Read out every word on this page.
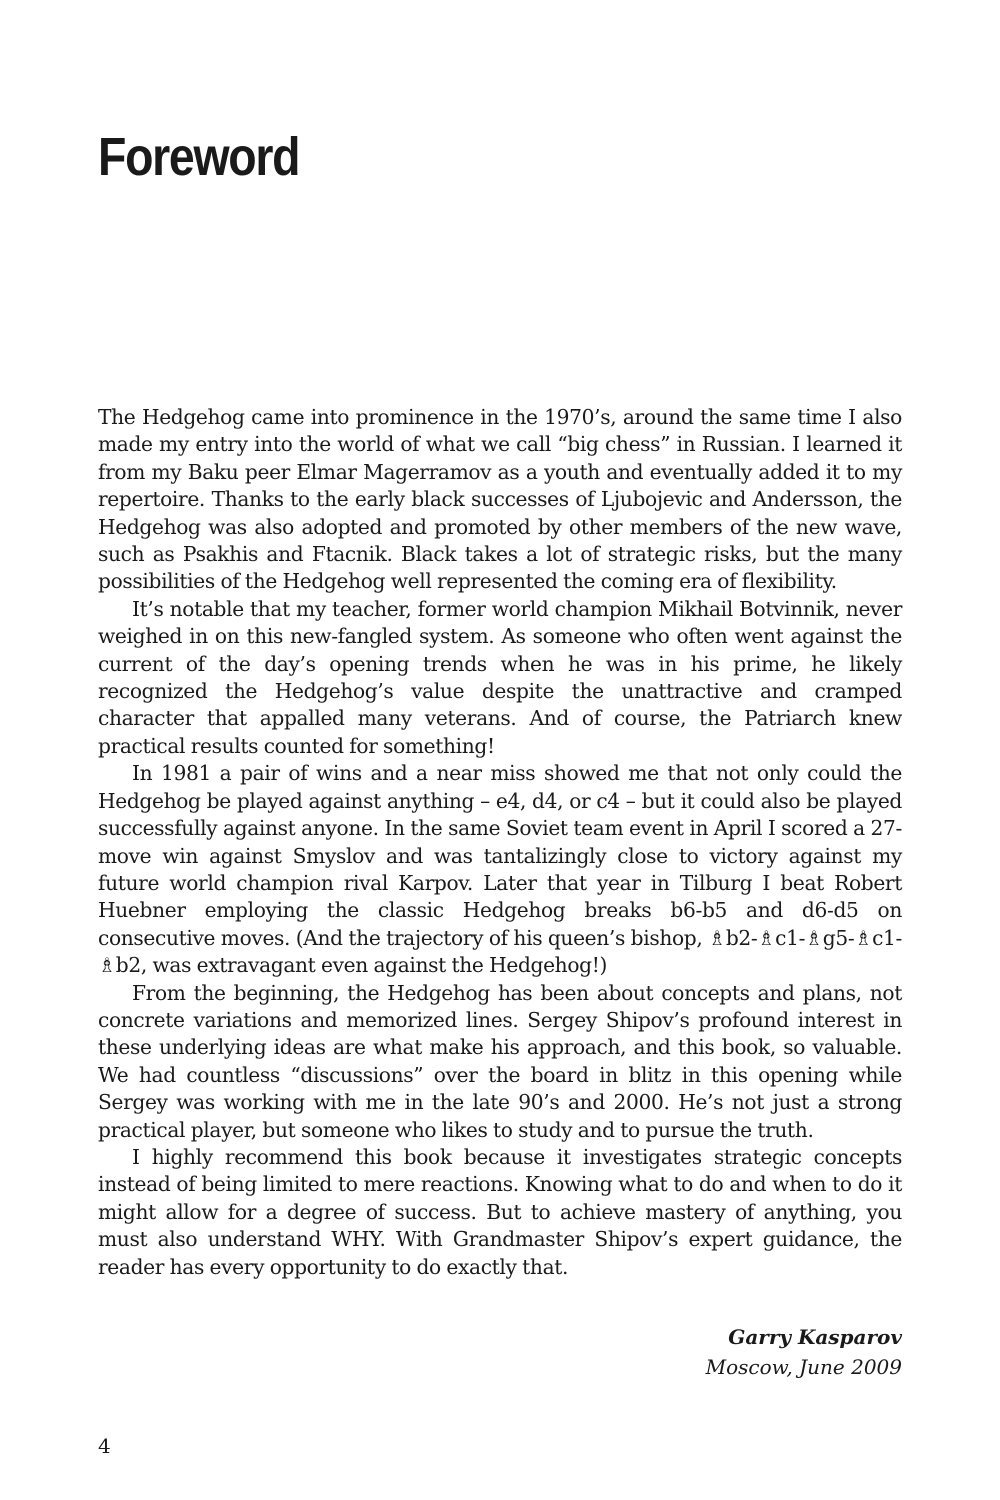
Foreword

The Hedgehog came into prominence in the 1970’s, around the same time I also made my entry into the world of what we call “big chess” in Russian. I learned it from my Baku peer Elmar Magerramov as a youth and eventually added it to my repertoire. Thanks to the early black successes of Ljubojevic and Andersson, the Hedgehog was also adopted and promoted by other members of the new wave, such as Psakhis and Ftacnik. Black takes a lot of strategic risks, but the many possibilities of the Hedgehog well represented the coming era of flexibility.

It’s notable that my teacher, former world champion Mikhail Botvinnik, never weighed in on this new-fangled system. As someone who often went against the current of the day’s opening trends when he was in his prime, he likely recognized the Hedgehog’s value despite the unattractive and cramped character that appalled many veterans. And of course, the Patriarch knew practical results counted for something!

In 1981 a pair of wins and a near miss showed me that not only could the Hedgehog be played against anything – e4, d4, or c4 – but it could also be played successfully against anyone. In the same Soviet team event in April I scored a 27-move win against Smyslov and was tantalizingly close to victory against my future world champion rival Karpov. Later that year in Tilburg I beat Robert Huebner employing the classic Hedgehog breaks b6-b5 and d6-d5 on consecutive moves. (And the trajectory of his queen’s bishop, ♗b2-♗c1-♗g5-♗c1-♗b2, was extravagant even against the Hedgehog!)

From the beginning, the Hedgehog has been about concepts and plans, not concrete variations and memorized lines. Sergey Shipov’s profound interest in these underlying ideas are what make his approach, and this book, so valuable. We had countless “discussions” over the board in blitz in this opening while Sergey was working with me in the late 90’s and 2000. He’s not just a strong practical player, but someone who likes to study and to pursue the truth.

I highly recommend this book because it investigates strategic concepts instead of being limited to mere reactions. Knowing what to do and when to do it might allow for a degree of success. But to achieve mastery of anything, you must also understand WHY. With Grandmaster Shipov’s expert guidance, the reader has every opportunity to do exactly that.

Garry Kasparov
Moscow, June 2009
4
